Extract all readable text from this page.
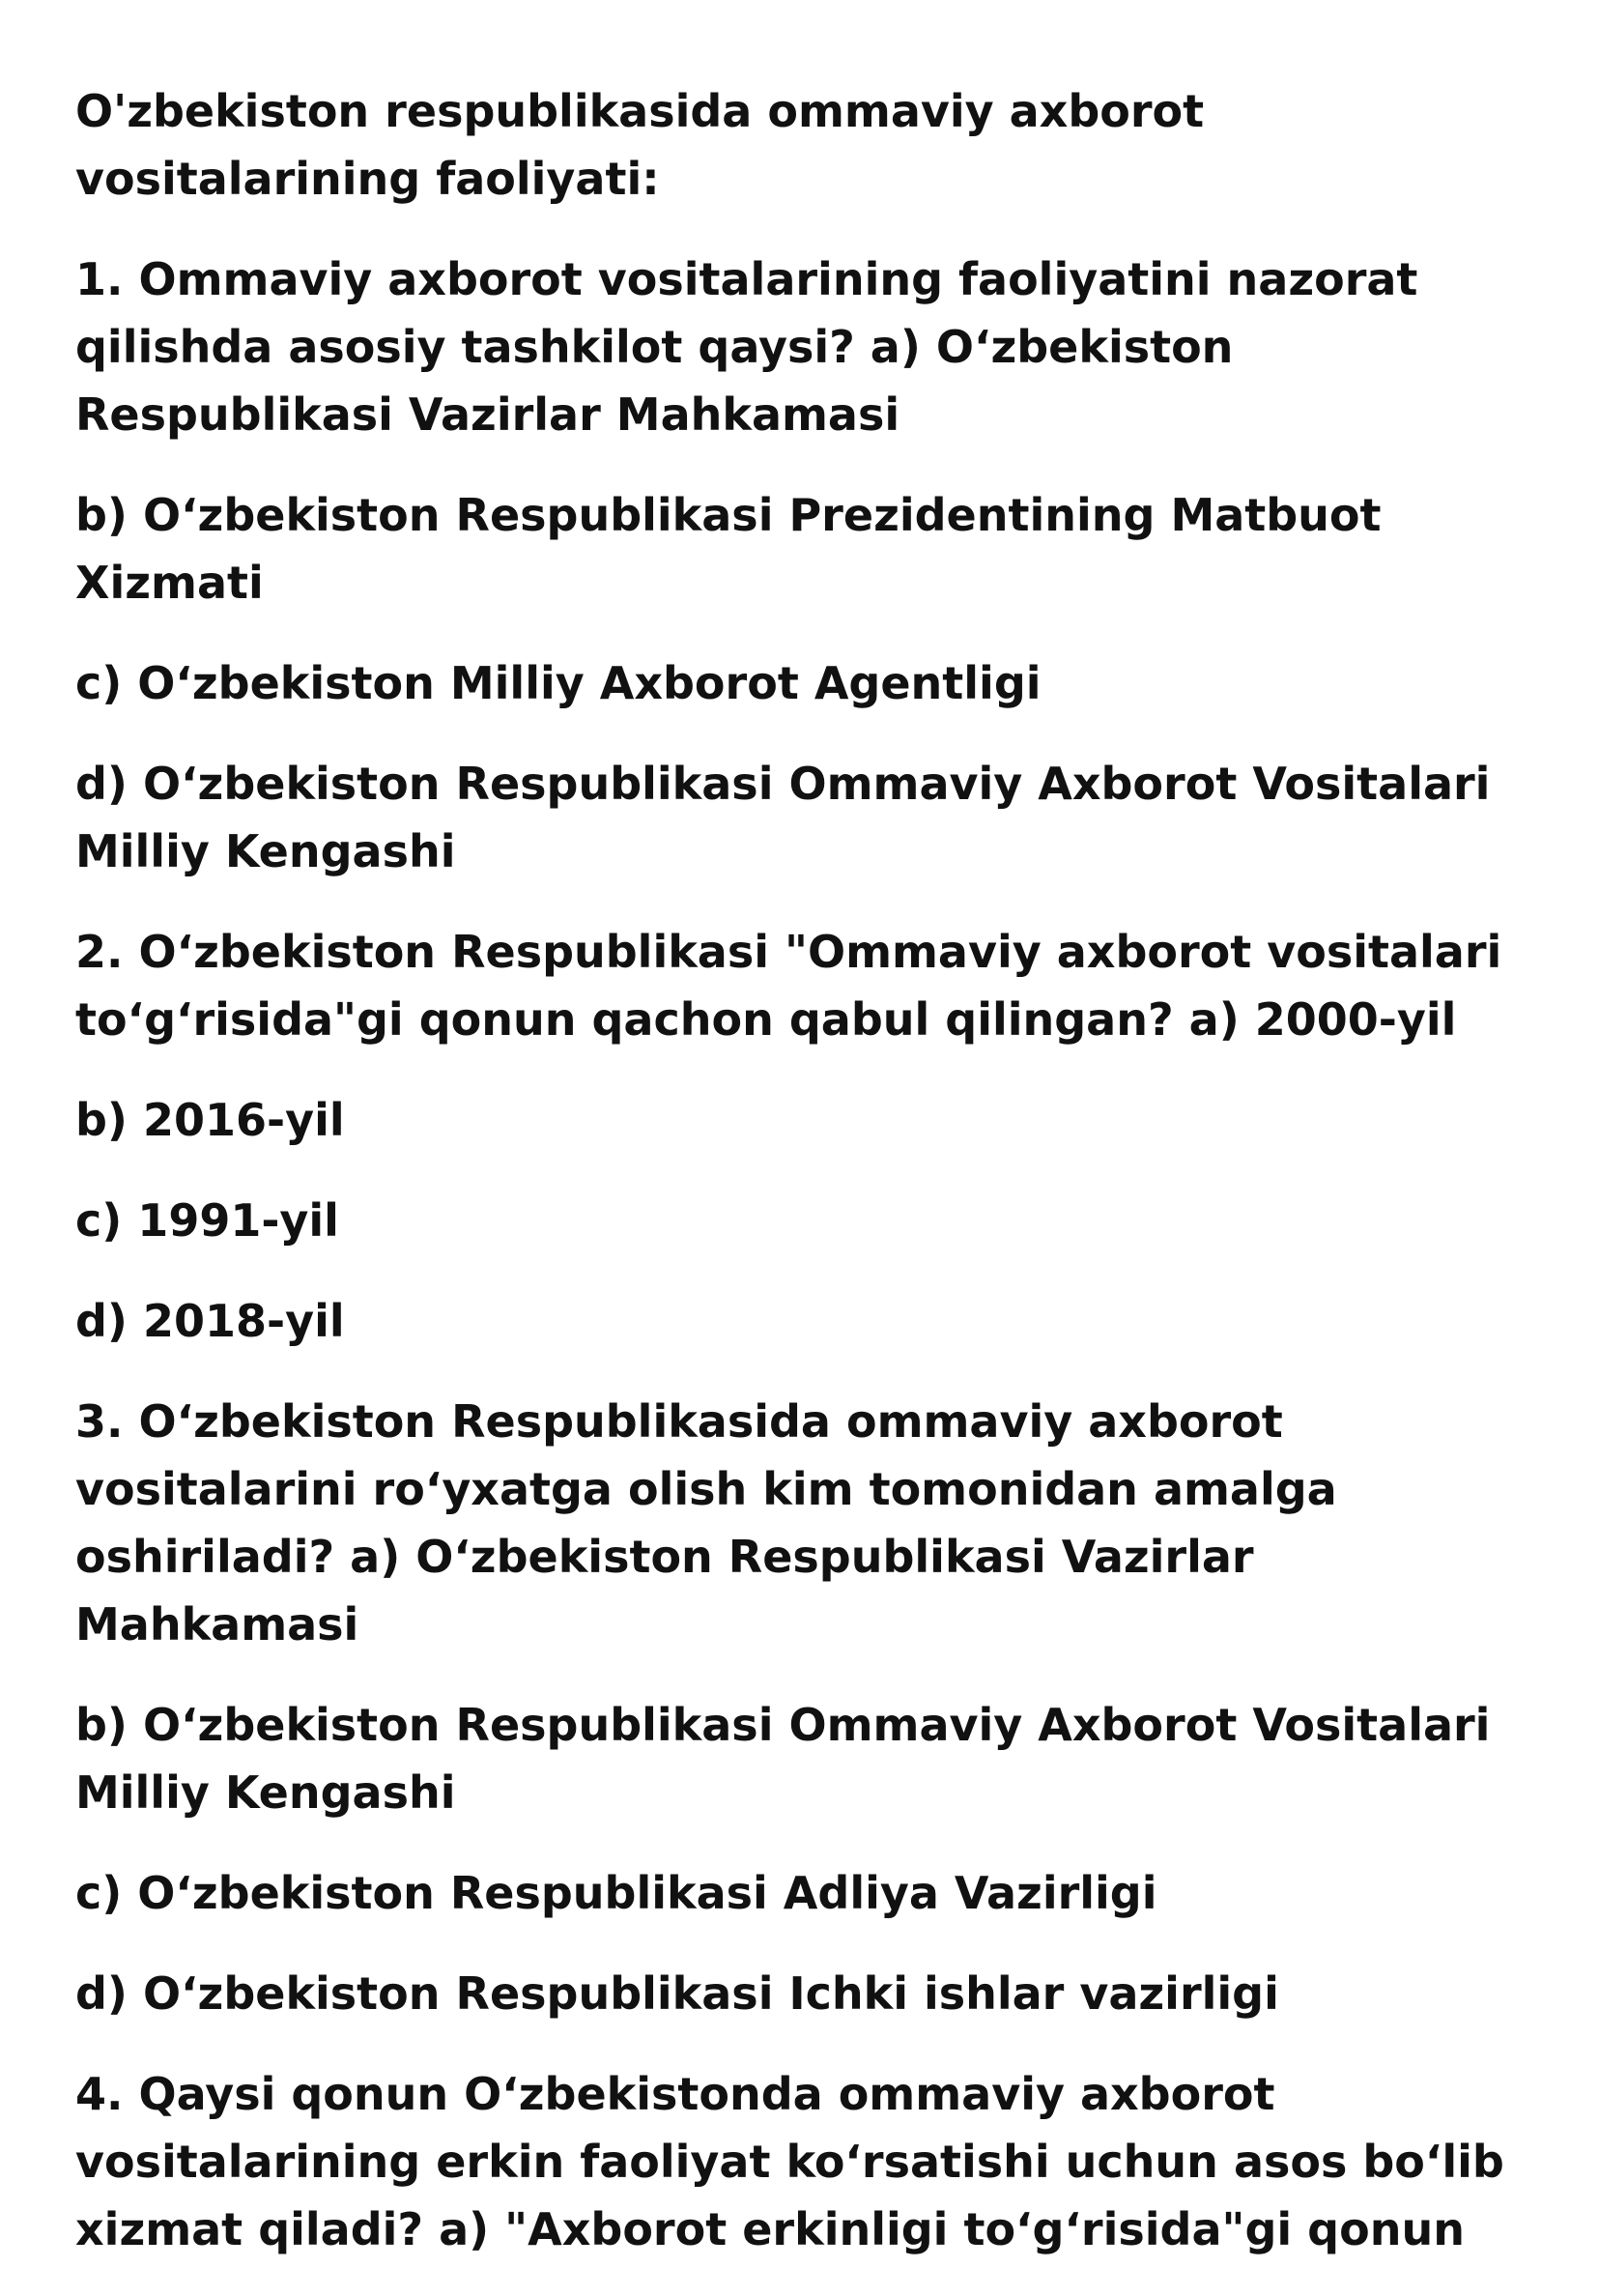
O'zbekiston respublikasida ommaviy axborot vositalarining faoliyati:

1. Ommaviy axborot vositalarining faoliyatini nazorat qilishda asosiy tashkilot qaysi? a) O‘zbekiston Respublikasi Vazirlar Mahkamasi

b) O‘zbekiston Respublikasi Prezidentining Matbuot Xizmati

c) O‘zbekiston Milliy Axborot Agentligi

d) O‘zbekiston Respublikasi Ommaviy Axborot Vositalari Milliy Kengashi

2. O‘zbekiston Respublikasi "Ommaviy axborot vositalari to‘g‘risida"gi qonun qachon qabul qilingan? a) 2000-yil

b) 2016-yil

c) 1991-yil

d) 2018-yil

3. O‘zbekiston Respublikasida ommaviy axborot vositalarini ro‘yxatga olish kim tomonidan amalga oshiriladi? a) O‘zbekiston Respublikasi Vazirlar Mahkamasi

b) O‘zbekiston Respublikasi Ommaviy Axborot Vositalari Milliy Kengashi

c) O‘zbekiston Respublikasi Adliya Vazirligi

d) O‘zbekiston Respublikasi Ichki ishlar vazirligi

4. Qaysi qonun O‘zbekistonda ommaviy axborot vositalarining erkin faoliyat ko‘rsatishi uchun asos bo‘lib xizmat qiladi? a) "Axborot erkinligi to‘g‘risida"gi qonun
